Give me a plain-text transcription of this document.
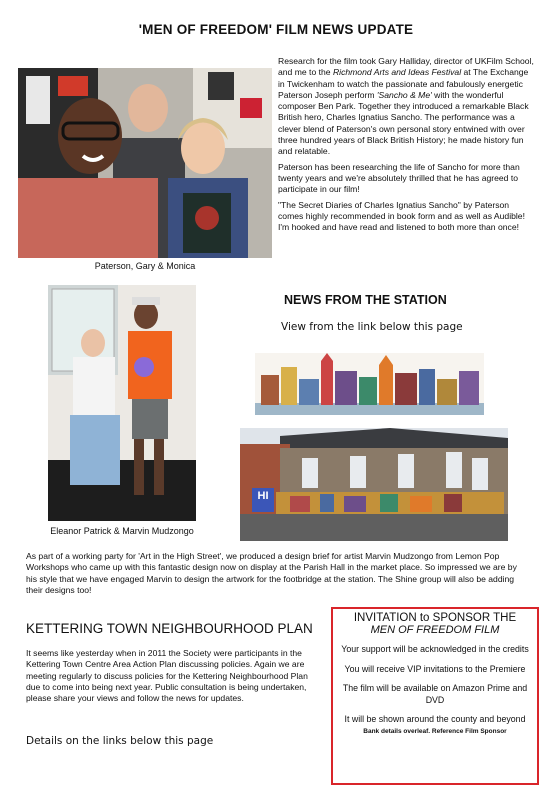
'MEN OF FREEDOM' FILM NEWS UPDATE
Paterson, Gary & Monica

Research for the film took Gary Halliday, director of UKFilm School, and me to the Richmond Arts and Ideas Festival at The Exchange in Twickenham to watch the passionate and fabulously energetic Paterson Joseph perform 'Sancho & Me' with the wonderful composer Ben Park. Together they introduced a remarkable Black British hero, Charles Ignatius Sancho. The performance was a clever blend of Paterson's own personal story entwined with over three hundred years of Black British History; he made history fun and relatable.

Paterson has been researching the life of Sancho for more than twenty years and we're absolutely thrilled that he has agreed to participate in our film!

"The Secret Diaries of Charles Ignatius Sancho" by Paterson comes highly recommended in book form and as well as Audible! I'm hooked and have read and listened to both more than once!

Eleanor Patrick & Marvin Mudzongo
NEWS FROM THE STATION
View from the link below this page
HI
As part of a working party for 'Art in the High Street', we produced a design brief for artist Marvin Mudzongo from Lemon Pop Workshops who came up with this fantastic design now on display at the Parish Hall in the market place. So impressed we are by his style that we have engaged Marvin to design the artwork for the footbridge at the station. The Shine group will also be adding their designs too!
KETTERING TOWN NEIGHBOURHOOD PLAN
It seems like yesterday when in 2011 the Society were participants in the Kettering Town Centre Area Action Plan discussing policies. Again we are meeting regularly to discuss policies for the Kettering Neighbourhood Plan due to come into being next year. Public consultation is being undertaken, please share your views and follow the news for updates.
Details on the links below this page
INVITATION to SPONSOR THE
MEN OF FREEDOM FILM
Your support will be acknowledged in the credits
You will receive VIP invitations to the Premiere
The film will be available on Amazon Prime and DVD
It will be shown around the county and beyond
Bank details overleaf. Reference Film Sponsor
